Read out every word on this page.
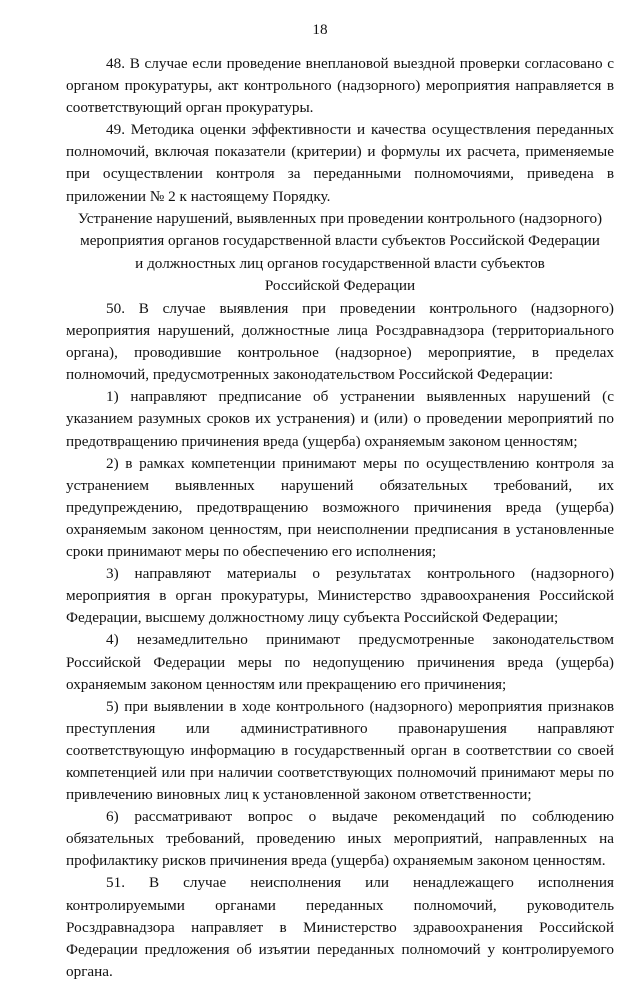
18

48. В случае если проведение внеплановой выездной проверки согласовано с органом прокуратуры, акт контрольного (надзорного) мероприятия направляется в соответствующий орган прокуратуры.

49. Методика оценки эффективности и качества осуществления переданных полномочий, включая показатели (критерии) и формулы их расчета, применяемые при осуществлении контроля за переданными полномочиями, приведена в приложении № 2 к настоящему Порядку.

Устранение нарушений, выявленных при проведении контрольного (надзорного)
мероприятия органов государственной власти субъектов Российской Федерации
и должностных лиц органов государственной власти субъектов
Российской Федерации

50. В случае выявления при проведении контрольного (надзорного) мероприятия нарушений, должностные лица Росздравнадзора (территориального органа), проводившие контрольное (надзорное) мероприятие, в пределах полномочий, предусмотренных законодательством Российской Федерации:

1) направляют предписание об устранении выявленных нарушений (с указанием разумных сроков их устранения) и (или) о проведении мероприятий по предотвращению причинения вреда (ущерба) охраняемым законом ценностям;

2) в рамках компетенции принимают меры по осуществлению контроля за устранением выявленных нарушений обязательных требований, их предупреждению, предотвращению возможного причинения вреда (ущерба) охраняемым законом ценностям, при неисполнении предписания в установленные сроки принимают меры по обеспечению его исполнения;

3) направляют материалы о результатах контрольного (надзорного) мероприятия в орган прокуратуры, Министерство здравоохранения Российской Федерации, высшему должностному лицу субъекта Российской Федерации;

4) незамедлительно принимают предусмотренные законодательством Российской Федерации меры по недопущению причинения вреда (ущерба) охраняемым законом ценностям или прекращению его причинения;

5) при выявлении в ходе контрольного (надзорного) мероприятия признаков преступления или административного правонарушения направляют соответствующую информацию в государственный орган в соответствии со своей компетенцией или при наличии соответствующих полномочий принимают меры по привлечению виновных лиц к установленной законом ответственности;

6) рассматривают вопрос о выдаче рекомендаций по соблюдению обязательных требований, проведению иных мероприятий, направленных на профилактику рисков причинения вреда (ущерба) охраняемым законом ценностям.

51. В случае неисполнения или ненадлежащего исполнения контролируемыми органами переданных полномочий, руководитель Росздравнадзора направляет в Министерство здравоохранения Российской Федерации предложения об изъятии переданных полномочий у контролируемого органа.
